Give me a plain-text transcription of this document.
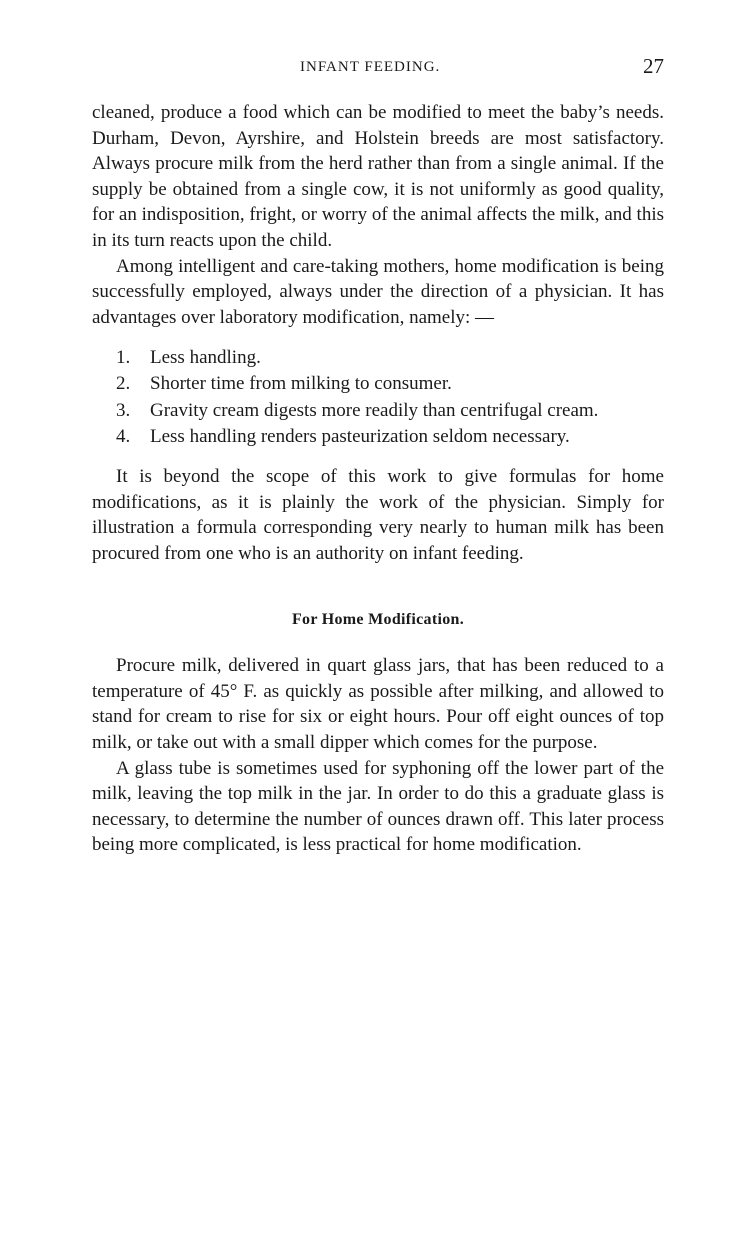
INFANT FEEDING.	27

cleaned, produce a food which can be modified to meet the baby’s needs. Durham, Devon, Ayrshire, and Holstein breeds are most satisfactory. Always procure milk from the herd rather than from a single animal. If the supply be obtained from a single cow, it is not uniformly as good quality, for an indisposition, fright, or worry of the animal affects the milk, and this in its turn reacts upon the child.

Among intelligent and care-taking mothers, home modification is being successfully employed, always under the direction of a physician. It has advantages over laboratory modification, namely: —

1. Less handling.
2. Shorter time from milking to consumer.
3. Gravity cream digests more readily than centrifugal cream.
4. Less handling renders pasteurization seldom necessary.

It is beyond the scope of this work to give formulas for home modifications, as it is plainly the work of the physician. Simply for illustration a formula corresponding very nearly to human milk has been procured from one who is an authority on infant feeding.

For Home Modification.

Procure milk, delivered in quart glass jars, that has been reduced to a temperature of 45° F. as quickly as possible after milking, and allowed to stand for cream to rise for six or eight hours. Pour off eight ounces of top milk, or take out with a small dipper which comes for the purpose.

A glass tube is sometimes used for syphoning off the lower part of the milk, leaving the top milk in the jar. In order to do this a graduate glass is necessary, to determine the number of ounces drawn off. This later process being more complicated, is less practical for home modification.
